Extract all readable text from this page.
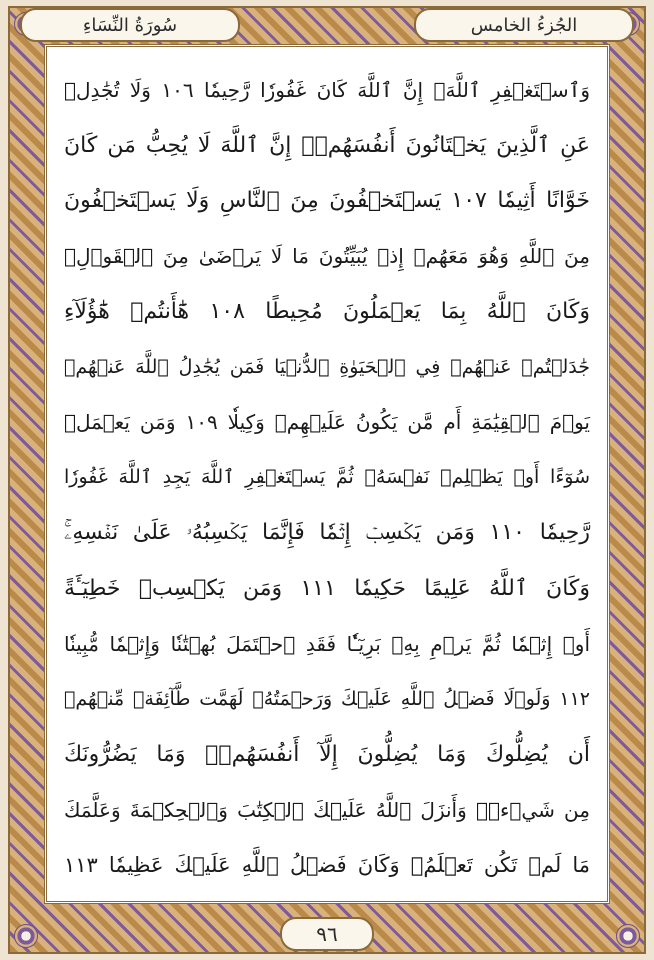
الجُزءُ الخامس
سُورَةُ النِّسَاءِ
وَٱسۡتَغۡفِرِ ٱللَّهَۖ إِنَّ ٱللَّهَ كَانَ غَفُورٗا رَّحِيمٗا ١٠٦ وَلَا تُجَٰدِلۡ
عَنِ ٱلَّذِينَ يَخۡتَانُونَ أَنفُسَهُمۡۚ إِنَّ ٱللَّهَ لَا يُحِبُّ مَن كَانَ
خَوَّانًا أَثِيمٗا ١٠٧ يَسۡتَخۡفُونَ مِنَ ٱلنَّاسِ وَلَا يَسۡتَخۡفُونَ
مِنَ ٱللَّهِ وَهُوَ مَعَهُمۡ إِذۡ يُبَيِّتُونَ مَا لَا يَرۡضَىٰ مِنَ ٱلۡقَوۡلِۚ
وَكَانَ ٱللَّهُ بِمَا يَعۡمَلُونَ مُحِيطًا ١٠٨ هَٰٓأَنتُمۡ هَٰٓؤُلَآءِ
جَٰدَلۡتُمۡ عَنۡهُمۡ فِي ٱلۡحَيَوٰةِ ٱلدُّنۡيَا فَمَن يُجَٰدِلُ ٱللَّهَ عَنۡهُمۡ
يَوۡمَ ٱلۡقِيَٰمَةِ أَم مَّن يَكُونُ عَلَيۡهِمۡ وَكِيلٗا ١٠٩ وَمَن يَعۡمَلۡ
سُوٓءًا أَوۡ يَظۡلِمۡ نَفۡسَهُۥ ثُمَّ يَسۡتَغۡفِرِ ٱللَّهَ يَجِدِ ٱللَّهَ غَفُورٗا
رَّحِيمٗا ١١٠ وَمَن يَكۡسِبۡ إِثۡمٗا فَإِنَّمَا يَكۡسِبُهُۥ عَلَىٰ نَفۡسِهِۦۚ
وَكَانَ ٱللَّهُ عَلِيمًا حَكِيمٗا ١١١ وَمَن يَكۡسِبۡ خَطِيٓـَٔةً
أَوۡ إِثۡمٗا ثُمَّ يَرۡمِ بِهِۦ بَرِيٓـٔٗا فَقَدِ ٱحۡتَمَلَ بُهۡتَٰنٗا وَإِثۡمٗا مُّبِينٗا
١١٢ وَلَوۡلَا فَضۡلُ ٱللَّهِ عَلَيۡكَ وَرَحۡمَتُهُۥ لَهَمَّت طَّآئِفَةٞ مِّنۡهُمۡ
أَن يُضِلُّوكَ وَمَا يُضِلُّونَ إِلَّآ أَنفُسَهُمۡۖ وَمَا يَضُرُّونَكَ
مِن شَيۡءٖۚ وَأَنزَلَ ٱللَّهُ عَلَيۡكَ ٱلۡكِتَٰبَ وَٱلۡحِكۡمَةَ وَعَلَّمَكَ
مَا لَمۡ تَكُن تَعۡلَمُۚ وَكَانَ فَضۡلُ ٱللَّهِ عَلَيۡكَ عَظِيمٗا ١١٣
٩٦
